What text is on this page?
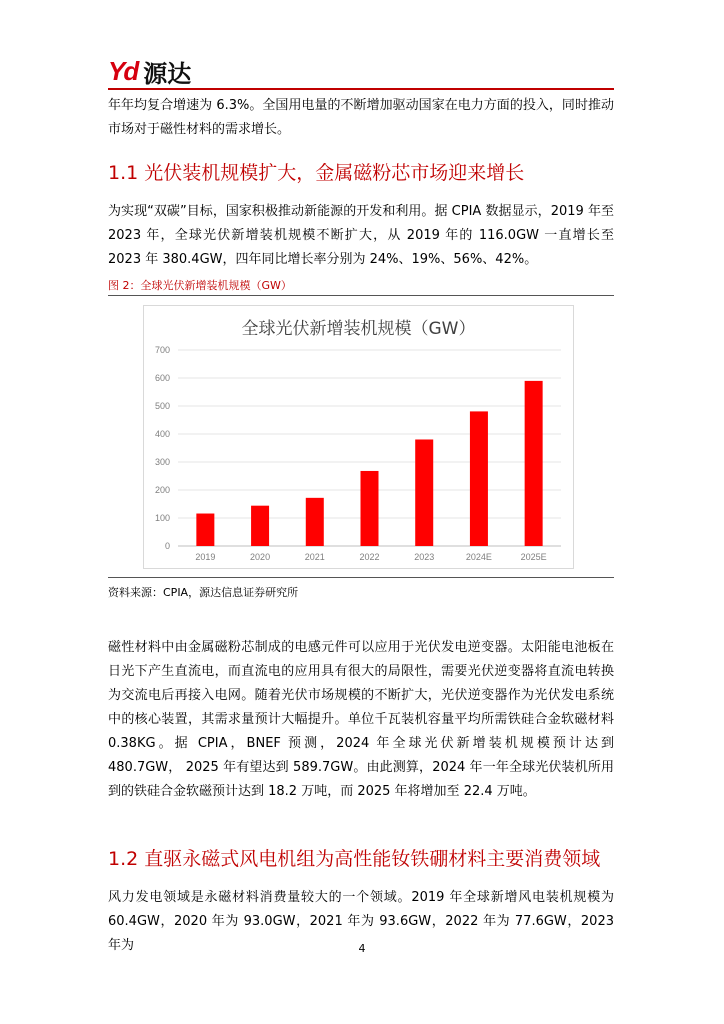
Yd 源达

年年均复合增速为 6.3%。全国用电量的不断增加驱动国家在电力方面的投入，同时推动市场对于磁性材料的需求增长。

1.1 光伏装机规模扩大，金属磁粉芯市场迎来增长

为实现“双碳”目标，国家积极推动新能源的开发和利用。据 CPIA 数据显示，2019 年至 2023 年，全球光伏新增装机规模不断扩大，从 2019 年的 116.0GW 一直增长至 2023 年 380.4GW，四年同比增长率分别为 24%、19%、56%、42%。

图 2：全球光伏新增装机规模（GW）

全球光伏新增装机规模（GW）

0
100
200
300
400
500
600
700
2019	2020	2021	2022	2023	2024E	2025E

资料来源：CPIA，源达信息证券研究所

磁性材料中由金属磁粉芯制成的电感元件可以应用于光伏发电逆变器。太阳能电池板在日光下产生直流电，而直流电的应用具有很大的局限性，需要光伏逆变器将直流电转换为交流电后再接入电网。随着光伏市场规模的不断扩大，光伏逆变器作为光伏发电系统中的核心装置，其需求量预计大幅提升。单位千瓦装机容量平均所需铁硅合金软磁材料 0.38KG。据 CPIA，BNEF 预测，2024 年全球光伏新增装机规模预计达到 480.7GW， 2025 年有望达到 589.7GW。由此测算，2024 年一年全球光伏装机所用到的铁硅合金软磁预计达到 18.2 万吨，而 2025 年将增加至 22.4 万吨。

1.2 直驱永磁式风电机组为高性能钕铁硼材料主要消费领域

风力发电领域是永磁材料消费量较大的一个领域。2019 年全球新增风电装机规模为 60.4GW，2020 年为 93.0GW，2021 年为 93.6GW，2022 年为 77.6GW，2023 年为	4
